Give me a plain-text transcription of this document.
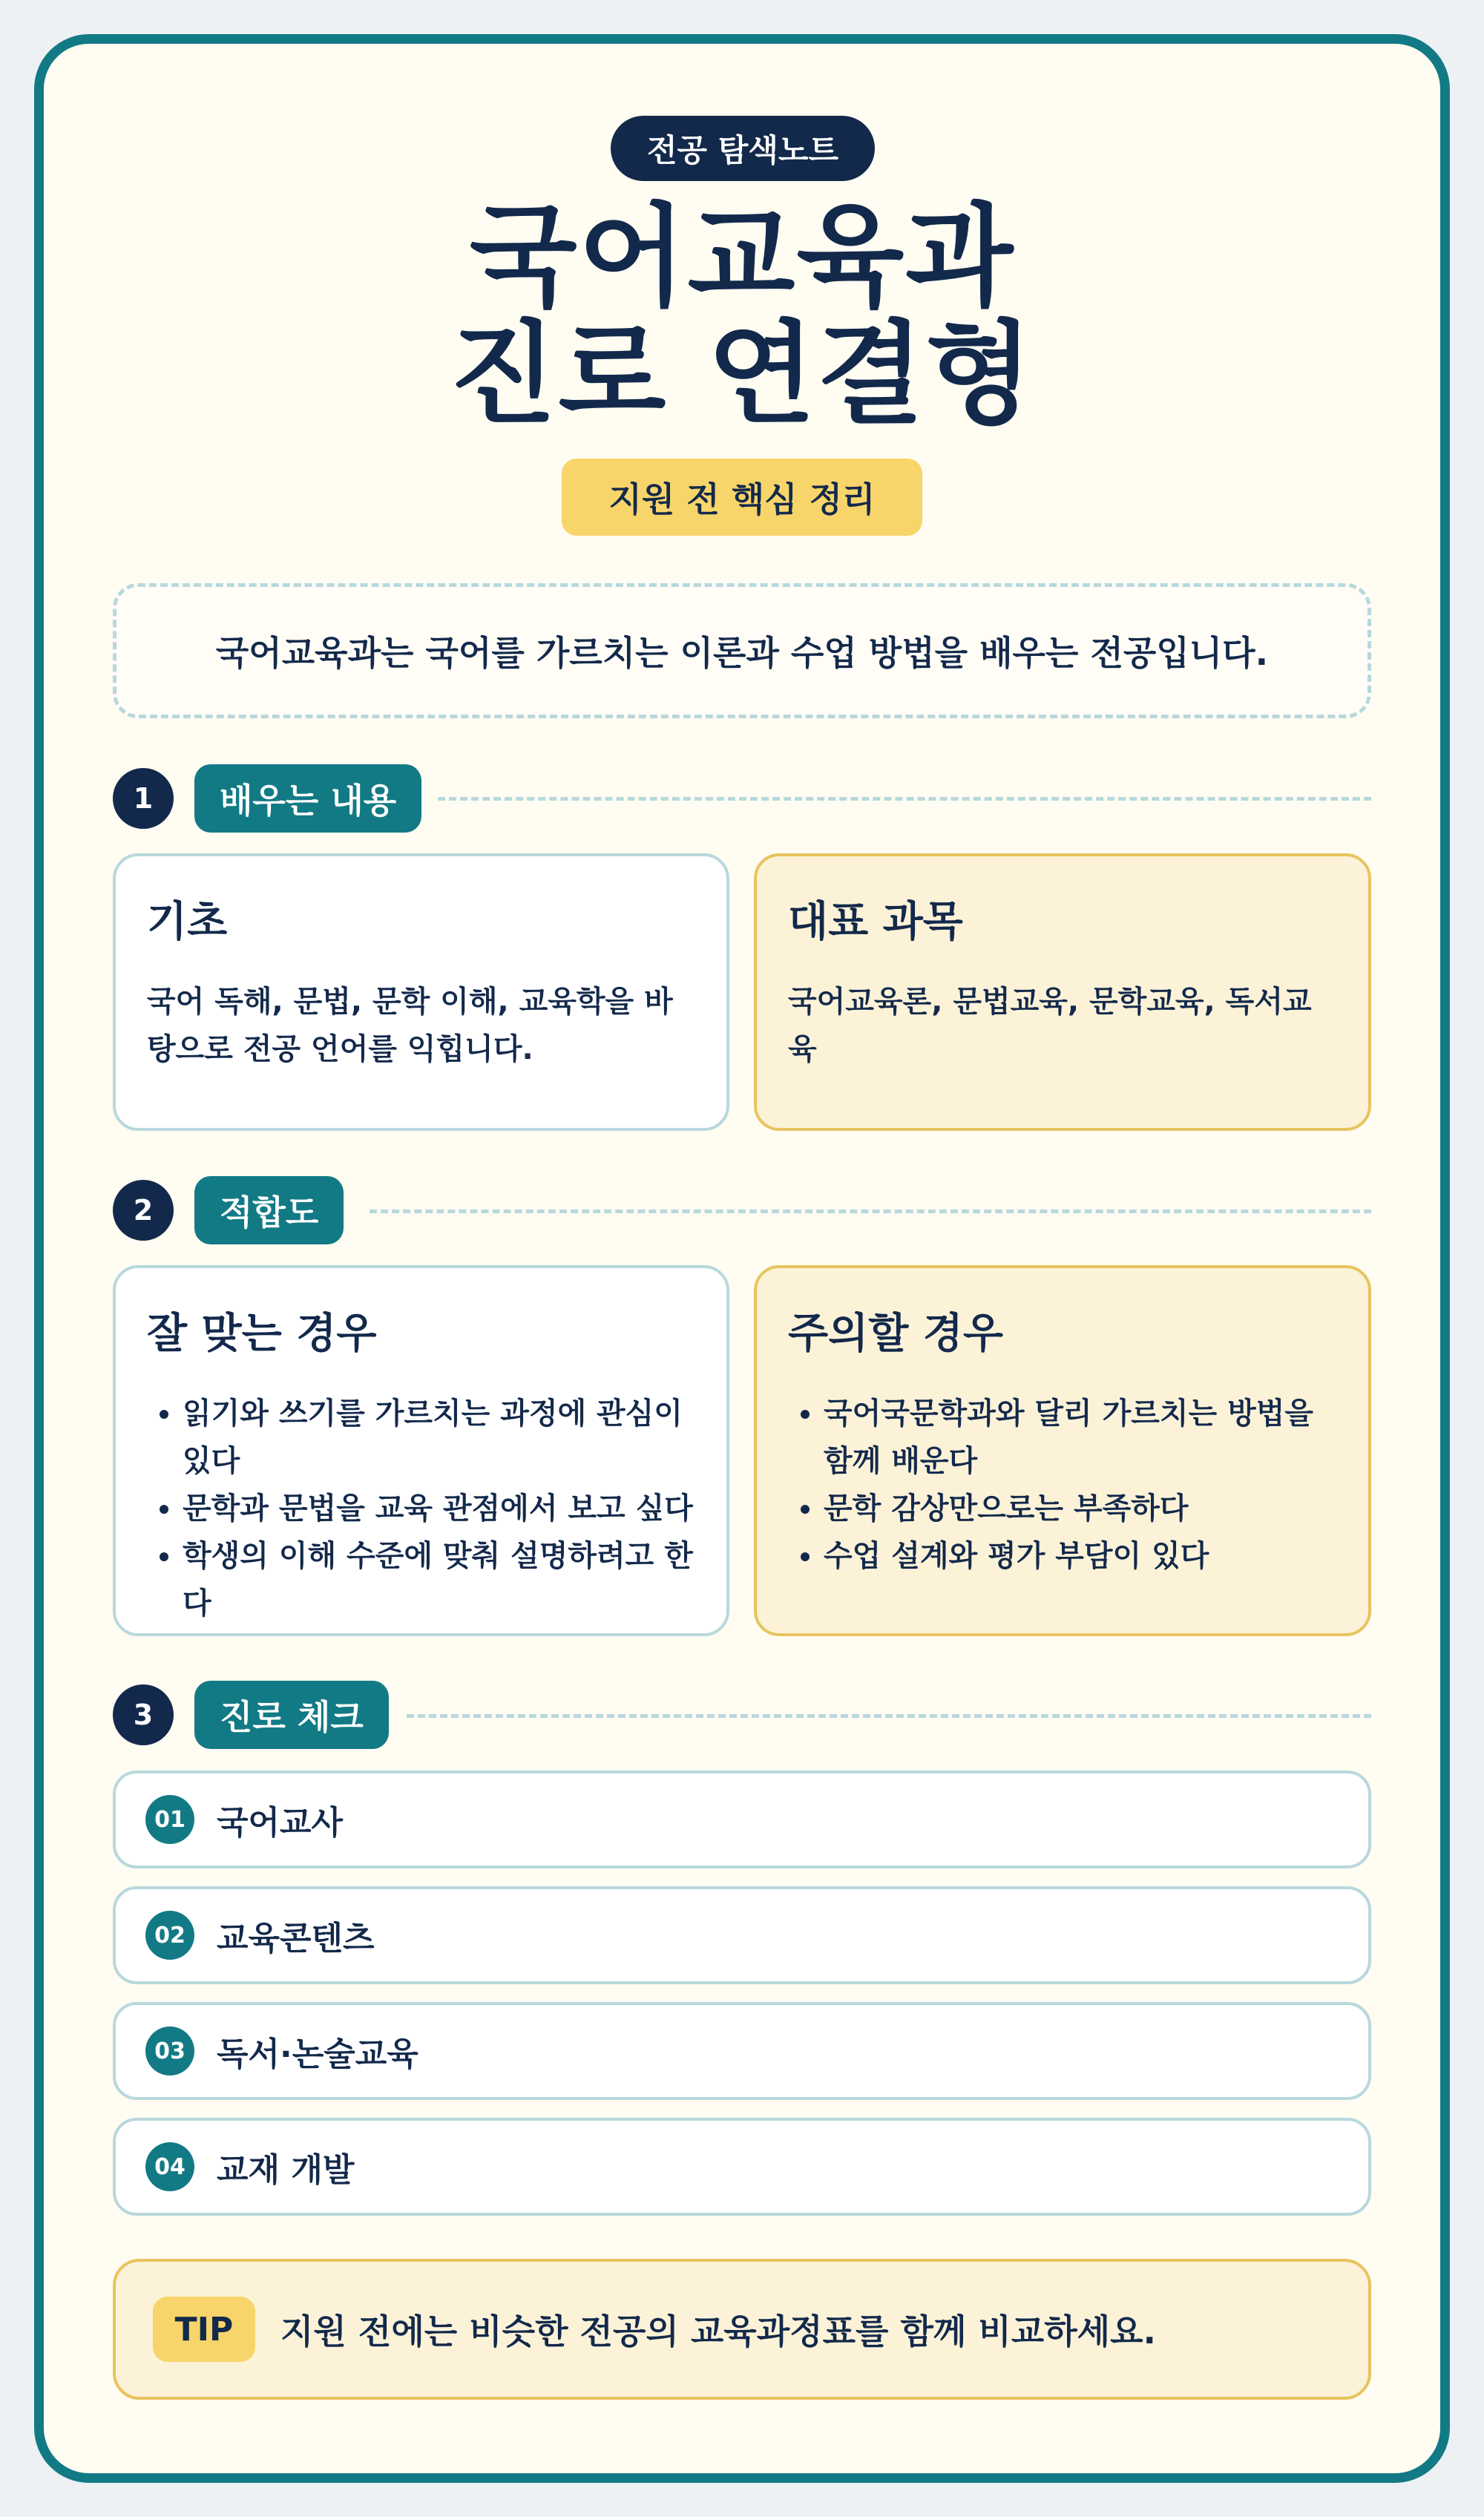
전공 탐색노트
국어교육과
진로 연결형
지원 전 핵심 정리
국어교육과는 국어를 가르치는 이론과 수업 방법을 배우는 전공입니다.
1	배우는 내용
기초

국어 독해, 문법, 문학 이해, 교육학을 바탕으로 전공 언어를 익힙니다.

대표 과목

국어교육론, 문법교육, 문학교육, 독서교육

2	적합도
잘 맞는 경우
• 읽기와 쓰기를 가르치는 과정에 관심이 있다
• 문학과 문법을 교육 관점에서 보고 싶다
• 학생의 이해 수준에 맞춰 설명하려고 한다
주의할 경우
• 국어국문학과와 달리 가르치는 방법을 함께 배운다
• 문학 감상만으로는 부족하다
• 수업 설계와 평가 부담이 있다
3	진로 체크
01 국어교사
02 교육콘텐츠
03 독서·논술교육
04 교재 개발
TIP	지원 전에는 비슷한 전공의 교육과정표를 함께 비교하세요.
